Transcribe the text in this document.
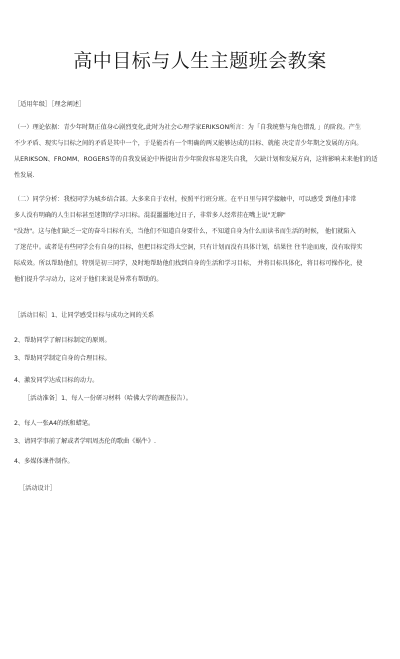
高中目标与人生主题班会教案
［适用年级］［理念阐述］
（一）理论依据：青少年时期正值身心剧烈变化,此时为社会心理学家ERIKSON所言：为「自我统整与角色错乱 」的阶段。产生
不少矛盾、现实与目标之间的矛盾是其中一个，于是能否有一个明确的两又能够达成的目标、就能 决定青少年期之发展的方向。
从ERIKSON、FROMM、ROGERS等的自我发展论中皆提出青少年阶段容易迷失自我， 欠缺计划和发展方向，这将影响未来他们的适
性发展.
（二）同学分析：我校同学为城乡结合部。大多来自于农村，按照平行班分班。在平日里与同学接触中，可以感受 到他们非常
多人没有明确的人生目标甚至迷期的学习目标。混混噩噩地过日子，非常多人经常挂在嘴上说"无聊"
"没劲"。这与他们缺乏一定的奋斗目标有关，当他们不知道自身要什么，不知道自身为什么而读书而生活的时候， 他们就陷入
了迷茫中。或者是有些同学会有自身的目标，但把目标定得太空洞，只有计划而没有具体计划，结果往 往半途而废，没有取得实
际成效。所以帮助他们，特别是初三同学，及时地帮助他们找到自身的生活和学习目标， 并将目标具体化，将目标可操作化，使
他们提升学习动力，这对于他们来说是异常有帮助的。
［活动目标］1、让同学感受目标与成功之间的关系
2、帮助同学了解目标制定的原则。
3、帮助同学制定自身的合理目标。
4、激发同学达成目标的动力。
［活动准备］1、每人一份研习材料（哈佛大学的调查报告）。
2、每人一张A4的纸和蜡笔。
3、请同学事前了解或者学唱周杰伦的歌曲《蜗牛》.
4、多媒体课件制作。
［活动设计］
